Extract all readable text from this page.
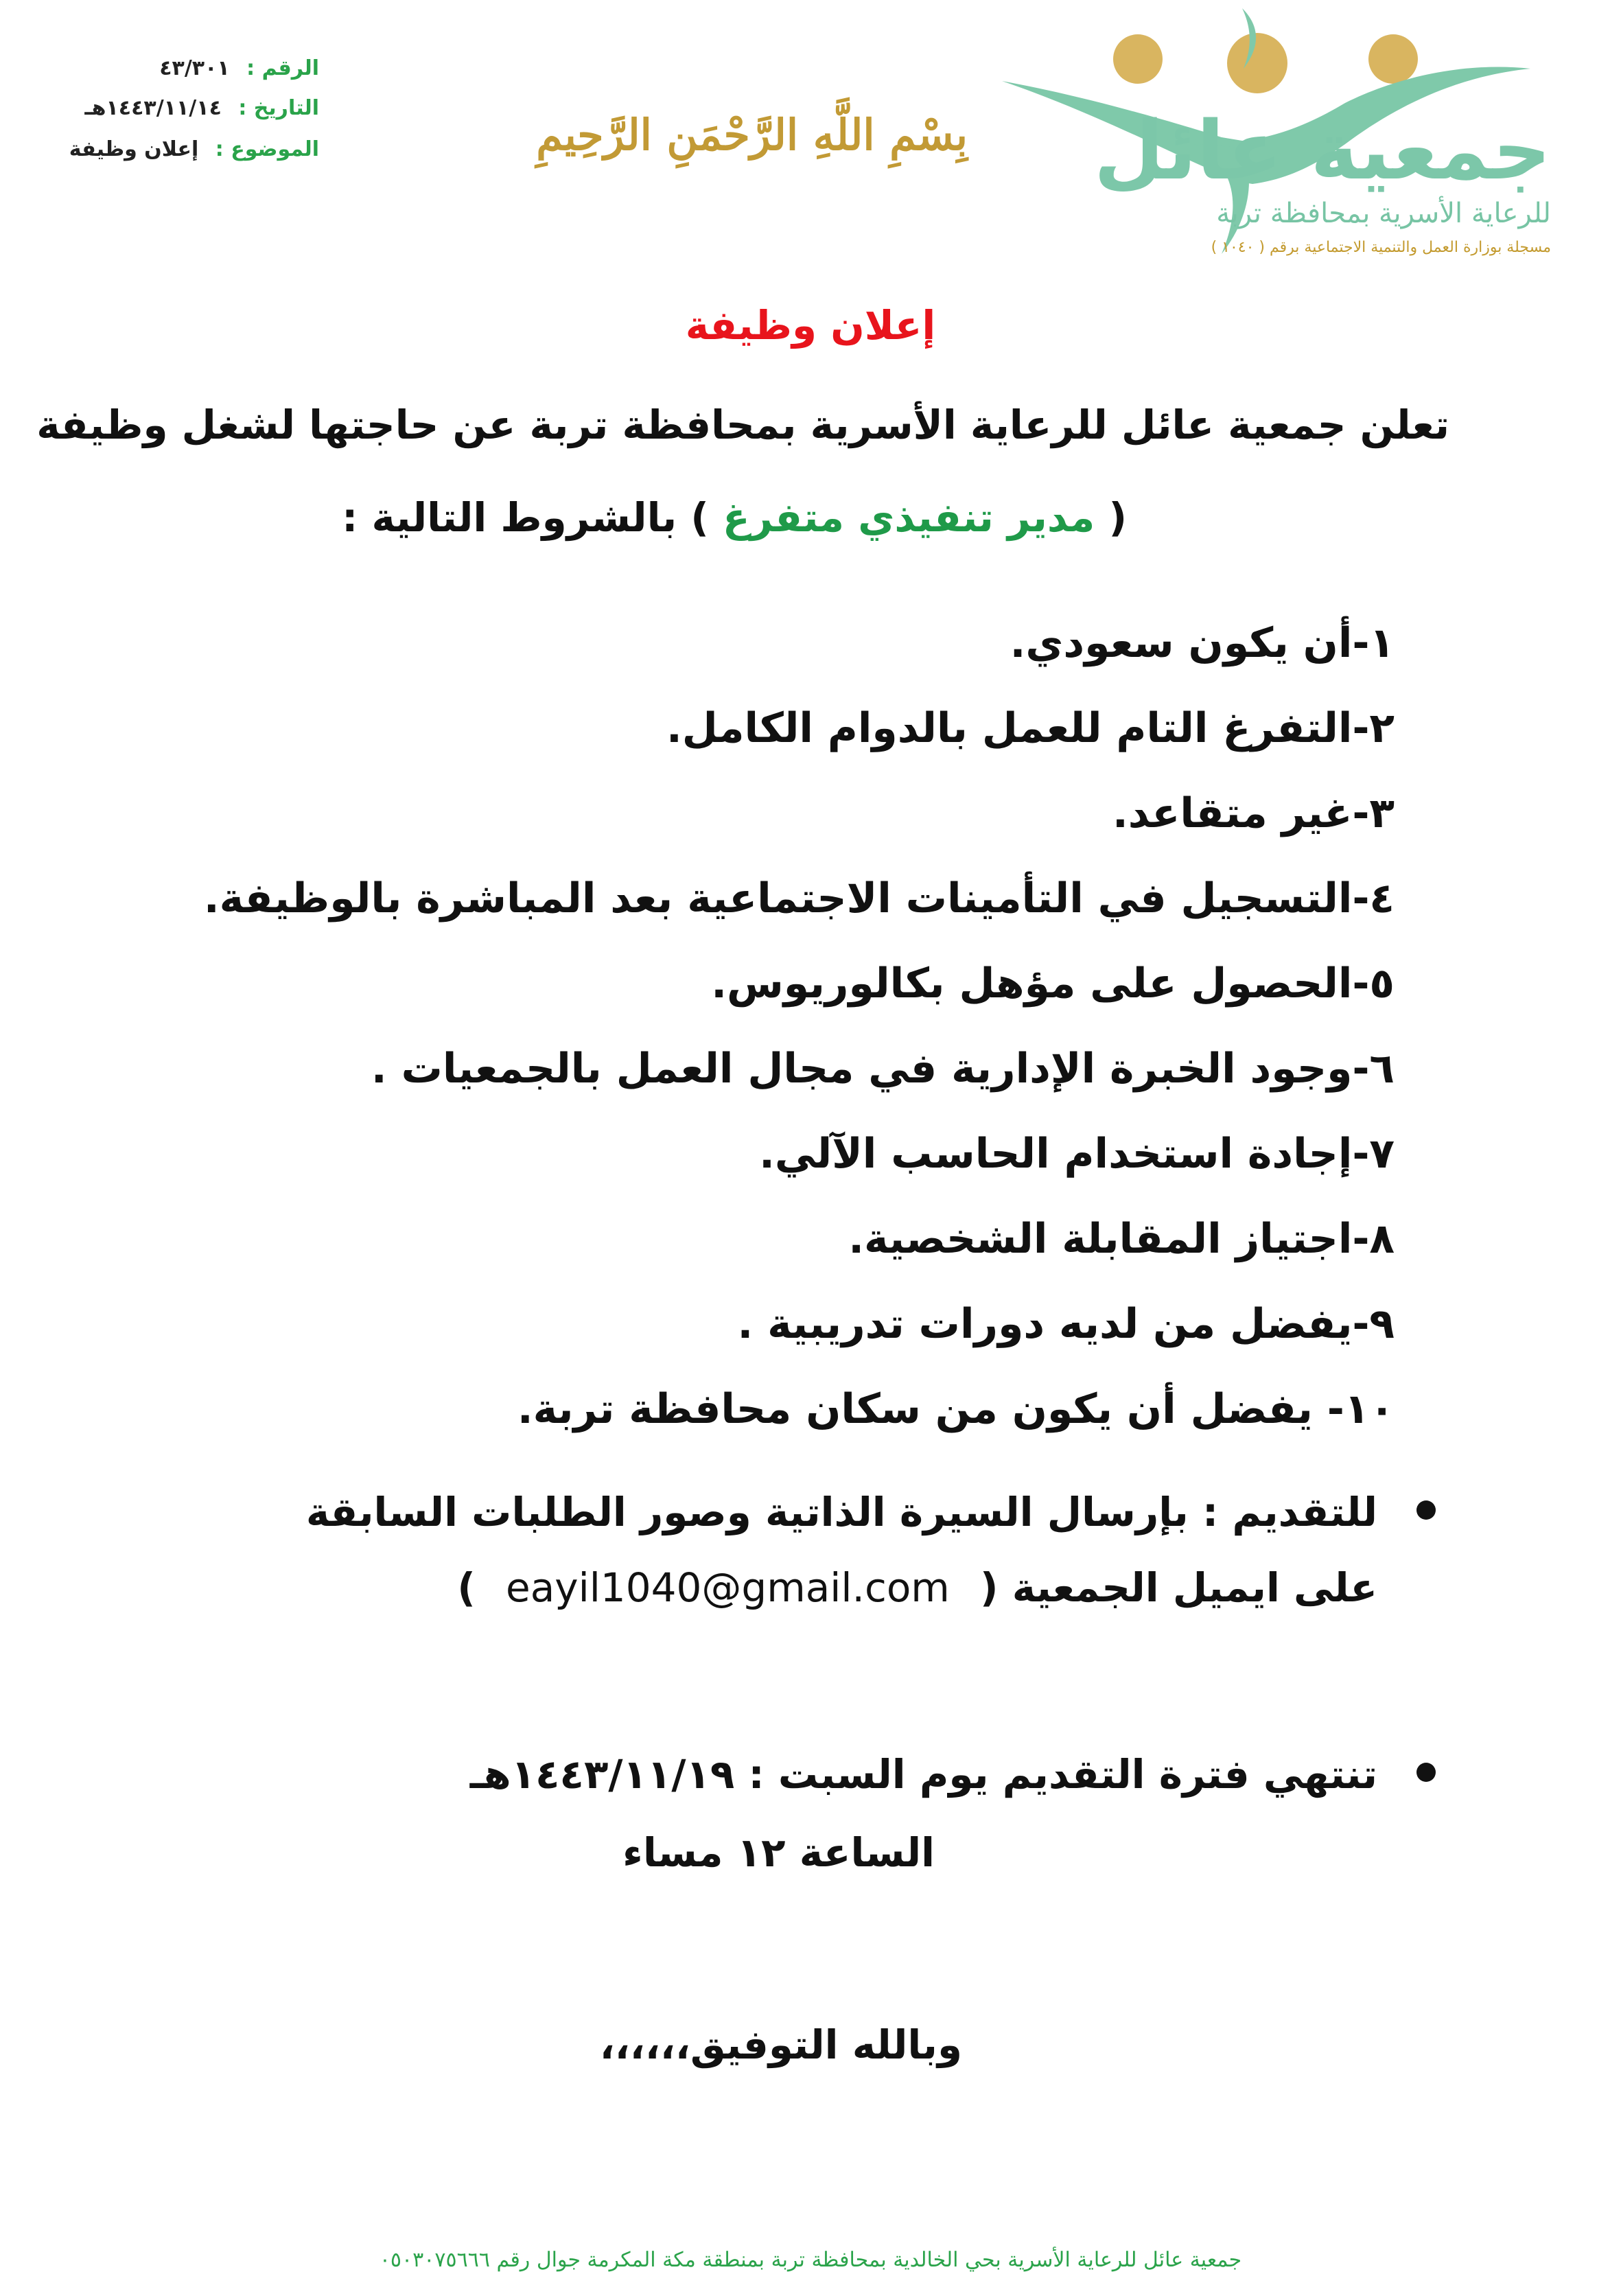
جمعية عائل
للرعاية الأسرية بمحافظة تربة
مسجلة بوزارة العمل والتنمية الاجتماعية برقم ( ١٠٤٠ )
بِسْمِ اللَّهِ الرَّحْمَنِ الرَّحِيمِ
الرقم : ٤٣/٣٠١
التاريخ : ١٤٤٣/١١/١٤هـ
الموضوع : إعلان وظيفة
إعلان وظيفة
تعلن جمعية عائل للرعاية الأسرية بمحافظة تربة عن حاجتها لشغل وظيفة
( مدير تنفيذي متفرغ ) بالشروط التالية :
١-أن يكون سعودي.
٢-التفرغ التام للعمل بالدوام الكامل.
٣-غير متقاعد.
٤-التسجيل في التأمينات الاجتماعية بعد المباشرة بالوظيفة.
٥-الحصول على مؤهل بكالوريوس.
٦-وجود الخبرة الإدارية في مجال العمل بالجمعيات .
٧-إجادة استخدام الحاسب الآلي.
٨-اجتياز المقابلة الشخصية.
٩-يفضل من لديه دورات تدريبية .
١٠- يفضل أن يكون من سكان محافظة تربة.
للتقديم : بإرسال السيرة الذاتية وصور الطلبات السابقة
على ايميل الجمعية ( eayil1040@gmail.com )
تنتهي فترة التقديم يوم السبت : ١٤٤٣/١١/١٩هـ
الساعة ١٢ مساء
وبالله التوفيق،،،،،،
جمعية عائل للرعاية الأسرية بحي الخالدية بمحافظة تربة بمنطقة مكة المكرمة جوال رقم ٠٥٠٣٠٧٥٦٦٦
